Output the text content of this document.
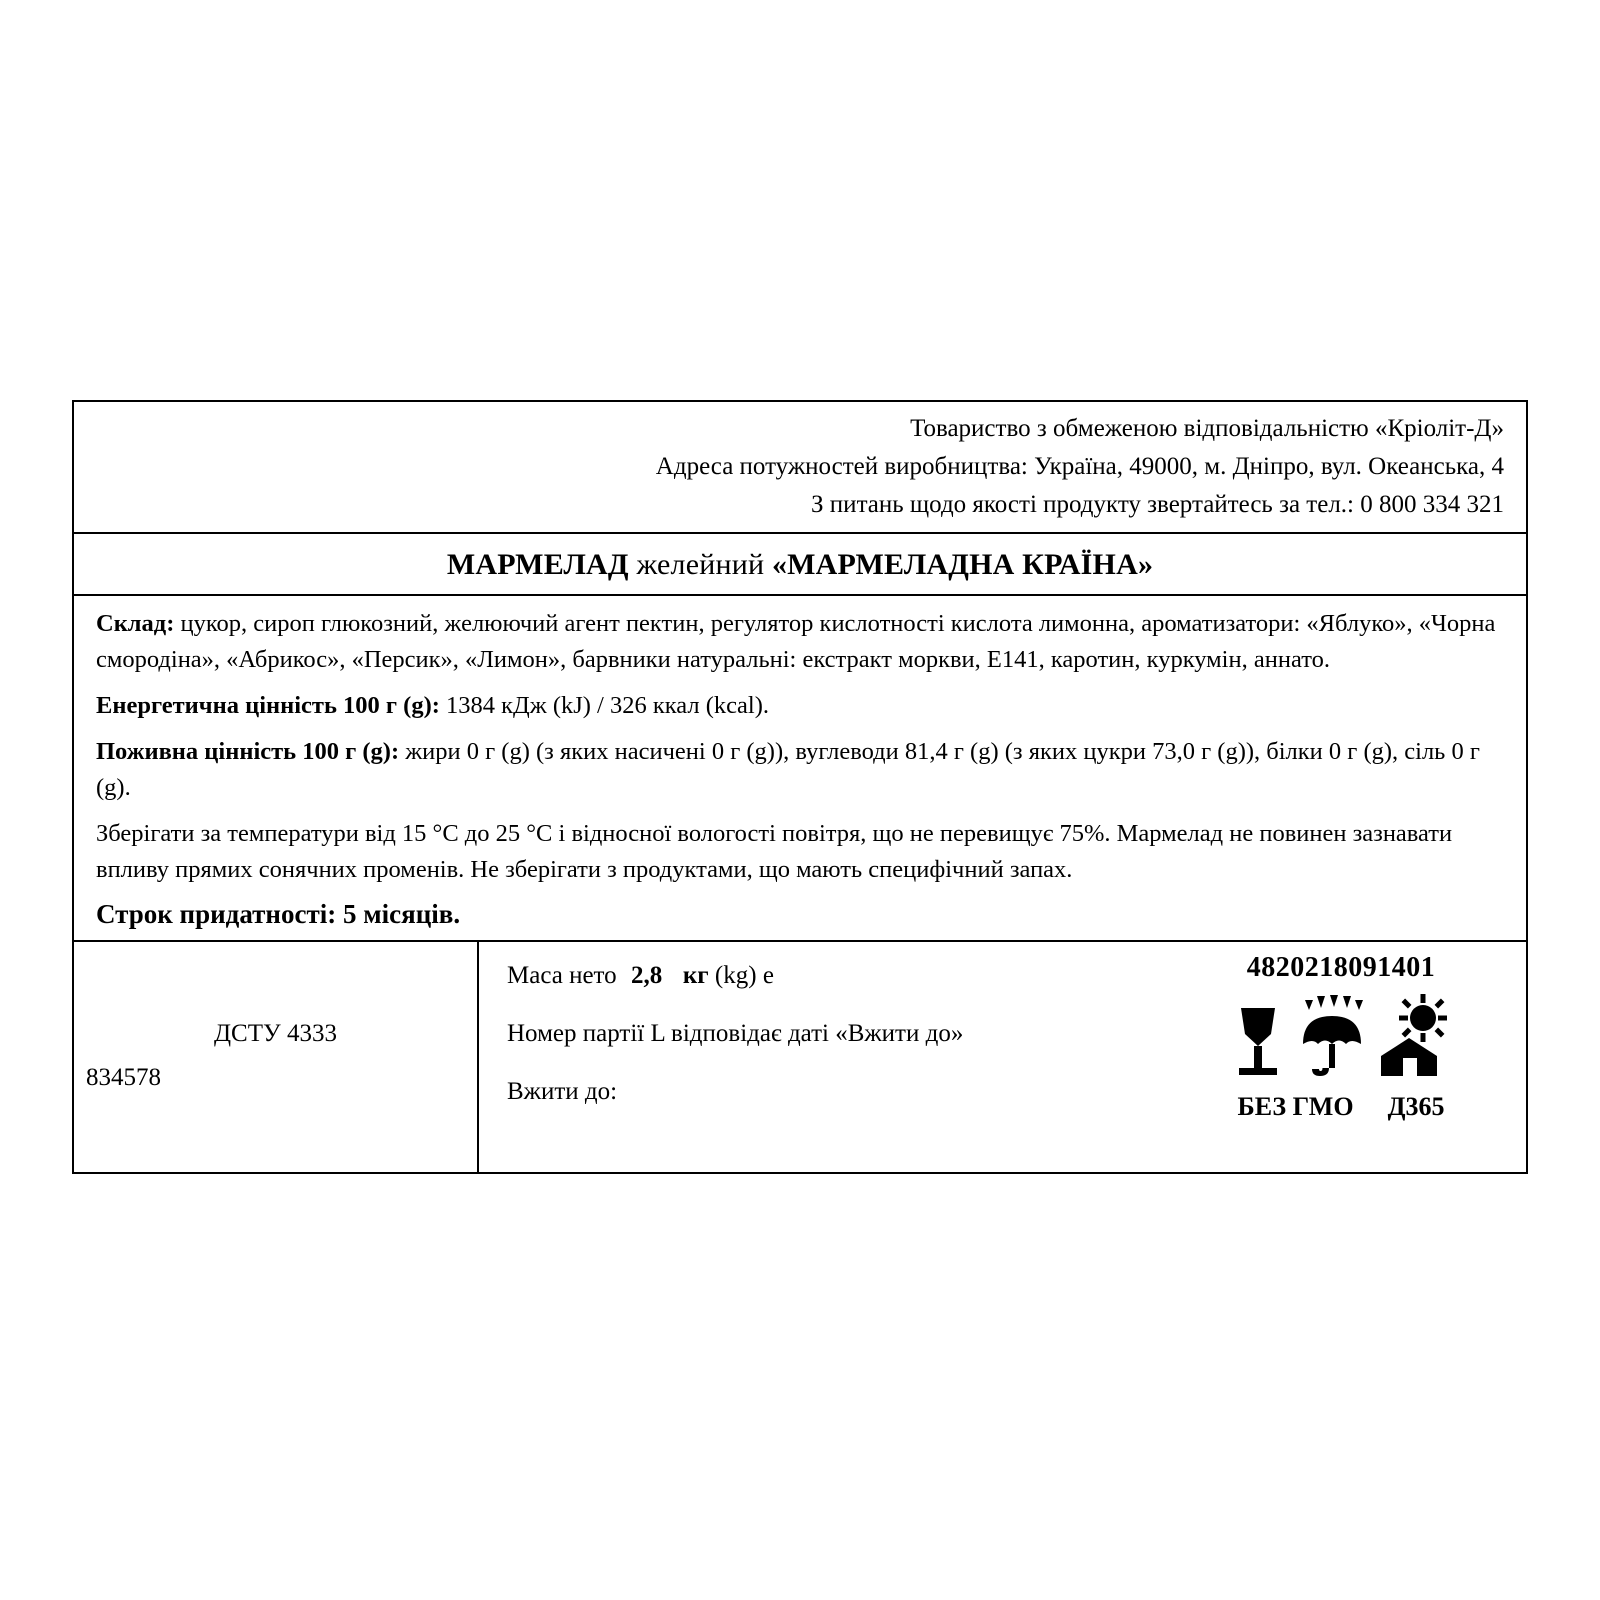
Товариство з обмеженою відповідальністю «Кріоліт-Д»
Адреса потужностей виробництва: Україна, 49000, м. Дніпро, вул. Океанська, 4
З питань щодо якості продукту звертайтесь за тел.: 0 800 334 321
МАРМЕЛАД желейний «МАРМЕЛАДНА КРАЇНА»

Склад: цукор, сироп глюкозний, желюючий агент пектин, регулятор кислотності кислота лимонна, ароматизатори: «Яблуко», «Чорна смородіна», «Абрикос», «Персик», «Лимон», барвники натуральні: екстракт моркви, Е141, каротин, куркумін, аннато.

Енергетична цінність 100 г (g): 1384 кДж (kJ) / 326 ккал (kcal).

Поживна цінність 100 г (g): жири 0 г (g) (з яких насичені 0 г (g)), вуглеводи 81,4 г (g) (з яких цукри 73,0 г (g)), білки 0 г (g), сіль 0 г (g).

Зберігати за температури від 15 °C до 25 °C і відносної вологості повітря, що не перевищує 75%. Мармелад не повинен зазнавати впливу прямих сонячних променів. Не зберігати з продуктами, що мають специфічний запах.

Строк придатності: 5 місяців.
ДСТУ 4333
834578
Маса нето 2,8 кг (kg) e
Номер партії L відповідає даті «Вжити до»
Вжити до:
4820218091401
БЕЗ ГМО Д365
